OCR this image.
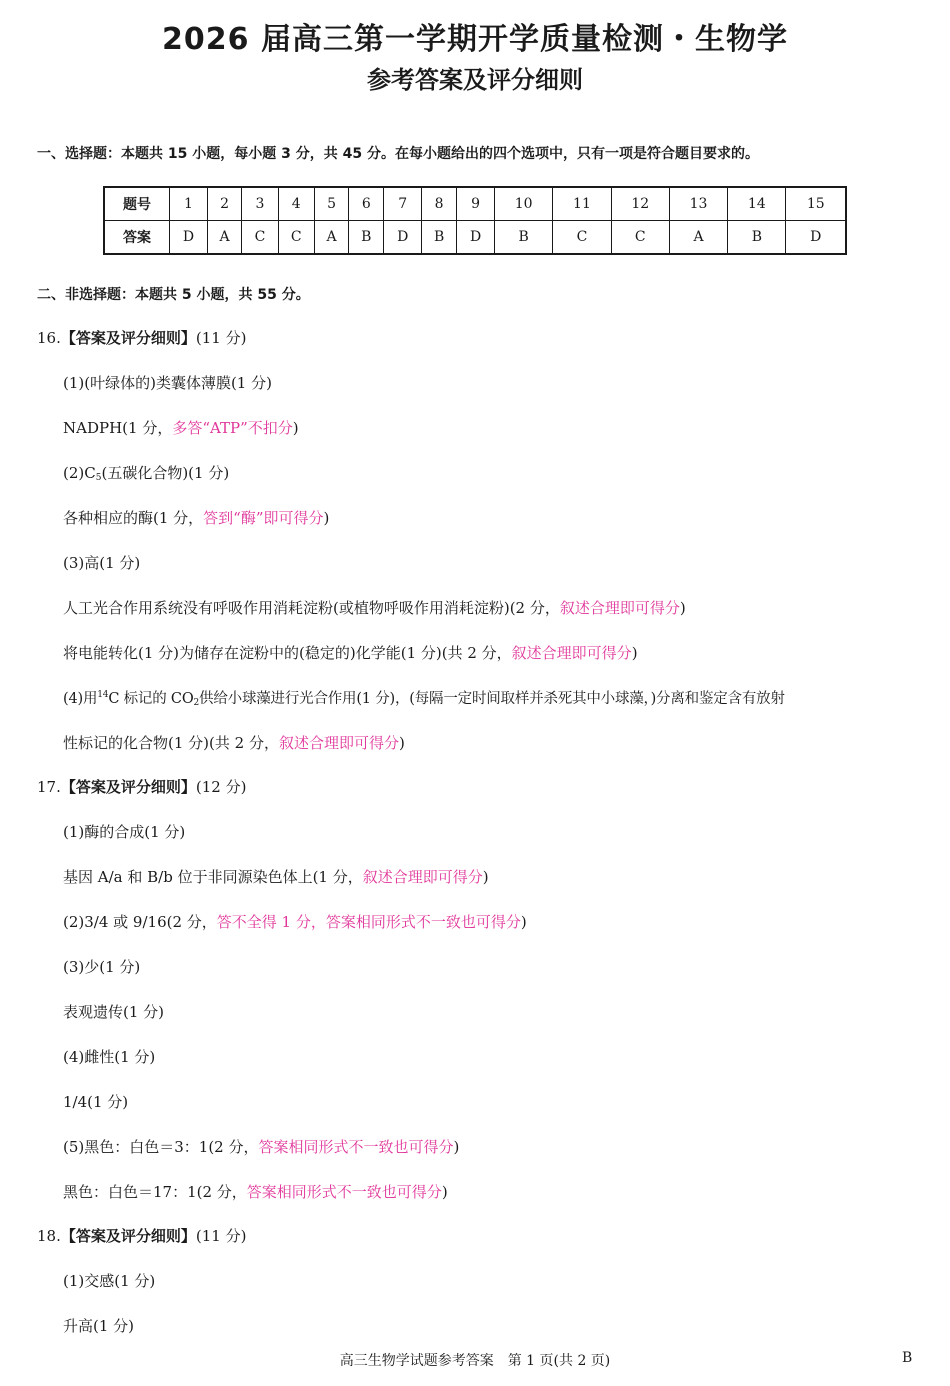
2026 届高三第一学期开学质量检测・生物学
参考答案及评分细则
一、选择题：本题共 15 小题，每小题 3 分，共 45 分。在每小题给出的四个选项中，只有一项是符合题目要求的。
题号	1	2	3	4	5	6	7	8	9	10	11	12	13	14	15
答案	D	A	C	C	A	B	D	B	D	B	C	C	A	B	D
二、非选择题：本题共 5 小题，共 55 分。
16.【答案及评分细则】(11 分)
(1)(叶绿体的)类囊体薄膜(1 分)
NADPH(1 分，多答“ATP”不扣分)
$(2)C_5$(五碳化合物)(1 分)
各种相应的酶(1 分，答到“酶”即可得分)
(3)高(1 分)
人工光合作用系统没有呼吸作用消耗淀粉(或植物呼吸作用消耗淀粉)(2 分，叙述合理即可得分)
将电能转化(1 分)为储存在淀粉中的(稳定的)化学能(1 分)(共 2 分，叙述合理即可得分)
(4)用$^{14}$C 标记的 $CO_2$供给小球藻进行光合作用(1 分)，(每隔一定时间取样并杀死其中小球藻，)分离和鉴定含有放射
性标记的化合物(1 分)(共 2 分，叙述合理即可得分)
17.【答案及评分细则】(12 分)
(1)酶的合成(1 分)
基因 A/a 和 B/b 位于非同源染色体上(1 分，叙述合理即可得分)
(2)3/4 或 9/16(2 分，答不全得 1 分，答案相同形式不一致也可得分)
(3)少(1 分)
表观遗传(1 分)
(4)雌性(1 分)
1/4(1 分)
(5)黑色：白色＝3：1(2 分，答案相同形式不一致也可得分)
黑色：白色＝17：1(2 分，答案相同形式不一致也可得分)
18.【答案及评分细则】(11 分)
(1)交感(1 分)
升高(1 分)
高三生物学试题参考答案　第 1 页(共 2 页)	B
